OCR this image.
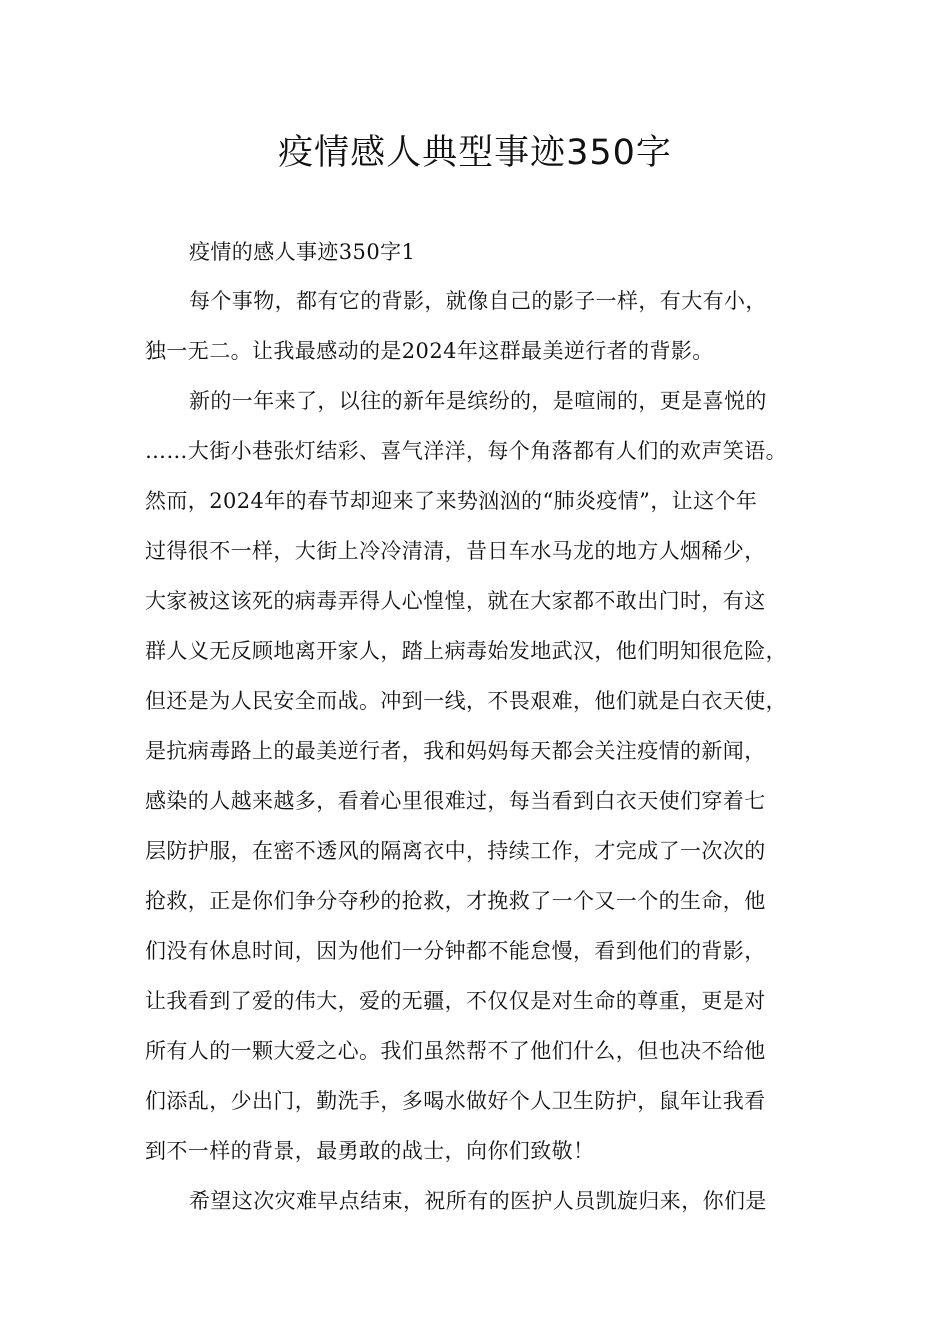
疫情感人典型事迹350字
疫情的感人事迹350字1
每个事物，都有它的背影，就像自己的影子一样，有大有小，
独一无二。让我最感动的是2024年这群最美逆行者的背影。
新的一年来了，以往的新年是缤纷的，是喧闹的，更是喜悦的
……大街小巷张灯结彩、喜气洋洋，每个角落都有人们的欢声笑语。
然而，2024年的春节却迎来了来势汹汹的“肺炎疫情”，让这个年
过得很不一样，大街上冷冷清清，昔日车水马龙的地方人烟稀少，
大家被这该死的病毒弄得人心惶惶，就在大家都不敢出门时，有这
群人义无反顾地离开家人，踏上病毒始发地武汉，他们明知很危险，
但还是为人民安全而战。冲到一线，不畏艰难，他们就是白衣天使，
是抗病毒路上的最美逆行者，我和妈妈每天都会关注疫情的新闻，
感染的人越来越多，看着心里很难过，每当看到白衣天使们穿着七
层防护服，在密不透风的隔离衣中，持续工作，才完成了一次次的
抢救，正是你们争分夺秒的抢救，才挽救了一个又一个的生命，他
们没有休息时间，因为他们一分钟都不能怠慢，看到他们的背影，
让我看到了爱的伟大，爱的无疆，不仅仅是对生命的尊重，更是对
所有人的一颗大爱之心。我们虽然帮不了他们什么，但也决不给他
们添乱，少出门，勤洗手，多喝水做好个人卫生防护，鼠年让我看
到不一样的背景，最勇敢的战士，向你们致敬！
希望这次灾难早点结束，祝所有的医护人员凯旋归来，你们是
